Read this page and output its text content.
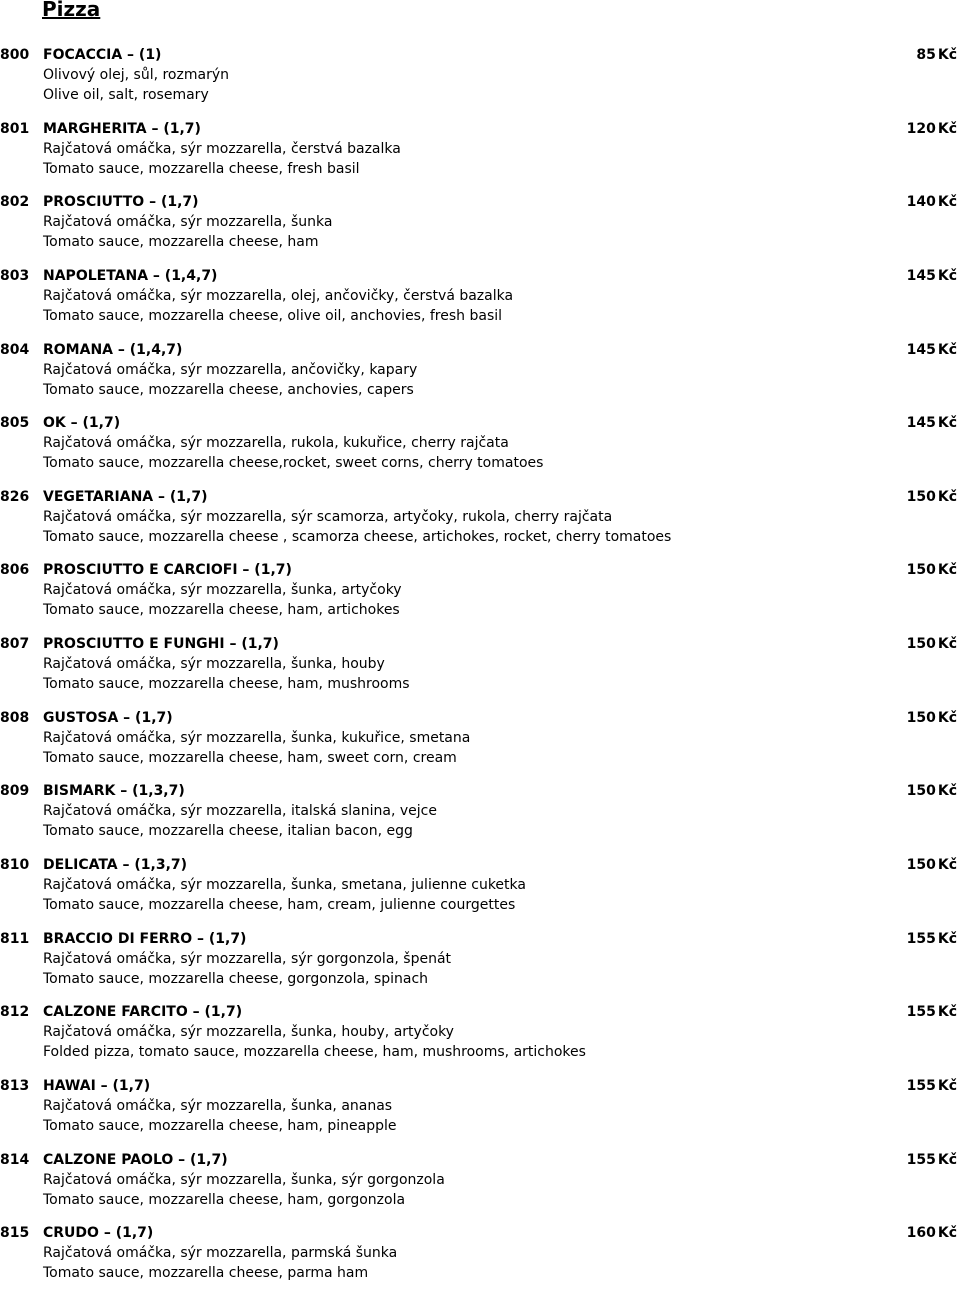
Pizza
800 FOCACCIA – (1)	85 Kč
Olivový olej, sůl, rozmarýn
Olive oil, salt, rosemary
801 MARGHERITA – (1,7)	120 Kč
Rajčatová omáčka, sýr mozzarella, čerstvá bazalka
Tomato sauce, mozzarella cheese, fresh basil
802 PROSCIUTTO – (1,7)	140 Kč
Rajčatová omáčka, sýr mozzarella, šunka
Tomato sauce, mozzarella cheese, ham
803 NAPOLETANA – (1,4,7)	145 Kč
Rajčatová omáčka, sýr mozzarella, olej, ančovičky, čerstvá bazalka
Tomato sauce, mozzarella cheese, olive oil, anchovies, fresh basil
804 ROMANA – (1,4,7)	145 Kč
Rajčatová omáčka, sýr mozzarella, ančovičky, kapary
Tomato sauce, mozzarella cheese, anchovies, capers
805 OK – (1,7)	145 Kč
Rajčatová omáčka, sýr mozzarella, rukola, kukuřice, cherry rajčata
Tomato sauce, mozzarella cheese,rocket, sweet corns, cherry tomatoes
826 VEGETARIANA – (1,7)	150 Kč
Rajčatová omáčka, sýr mozzarella, sýr scamorza, artyčoky, rukola, cherry rajčata
Tomato sauce, mozzarella cheese , scamorza cheese, artichokes, rocket, cherry tomatoes
806 PROSCIUTTO E CARCIOFI – (1,7)	150 Kč
Rajčatová omáčka, sýr mozzarella, šunka, artyčoky
Tomato sauce, mozzarella cheese, ham, artichokes
807 PROSCIUTTO E FUNGHI – (1,7)	150 Kč
Rajčatová omáčka, sýr mozzarella, šunka, houby
Tomato sauce, mozzarella cheese, ham, mushrooms
808 GUSTOSA – (1,7)	150 Kč
Rajčatová omáčka, sýr mozzarella, šunka, kukuřice, smetana
Tomato sauce, mozzarella cheese, ham, sweet corn, cream
809 BISMARK – (1,3,7)	150 Kč
Rajčatová omáčka, sýr mozzarella, italská slanina, vejce
Tomato sauce, mozzarella cheese, italian bacon, egg
810 DELICATA – (1,3,7)	150 Kč
Rajčatová omáčka, sýr mozzarella, šunka, smetana, julienne cuketka
Tomato sauce, mozzarella cheese, ham, cream, julienne courgettes
811 BRACCIO DI FERRO – (1,7)	155 Kč
Rajčatová omáčka, sýr mozzarella, sýr gorgonzola, špenát
Tomato sauce, mozzarella cheese, gorgonzola, spinach
812 CALZONE FARCITO – (1,7)	155 Kč
Rajčatová omáčka, sýr mozzarella, šunka, houby, artyčoky
Folded pizza, tomato sauce, mozzarella cheese, ham, mushrooms, artichokes
813 HAWAI – (1,7)	155 Kč
Rajčatová omáčka, sýr mozzarella, šunka, ananas
Tomato sauce, mozzarella cheese, ham, pineapple
814 CALZONE PAOLO – (1,7)	155 Kč
Rajčatová omáčka, sýr mozzarella, šunka, sýr gorgonzola
Tomato sauce, mozzarella cheese, ham, gorgonzola
815 CRUDO – (1,7)	160 Kč
Rajčatová omáčka, sýr mozzarella, parmská šunka
Tomato sauce, mozzarella cheese, parma ham
